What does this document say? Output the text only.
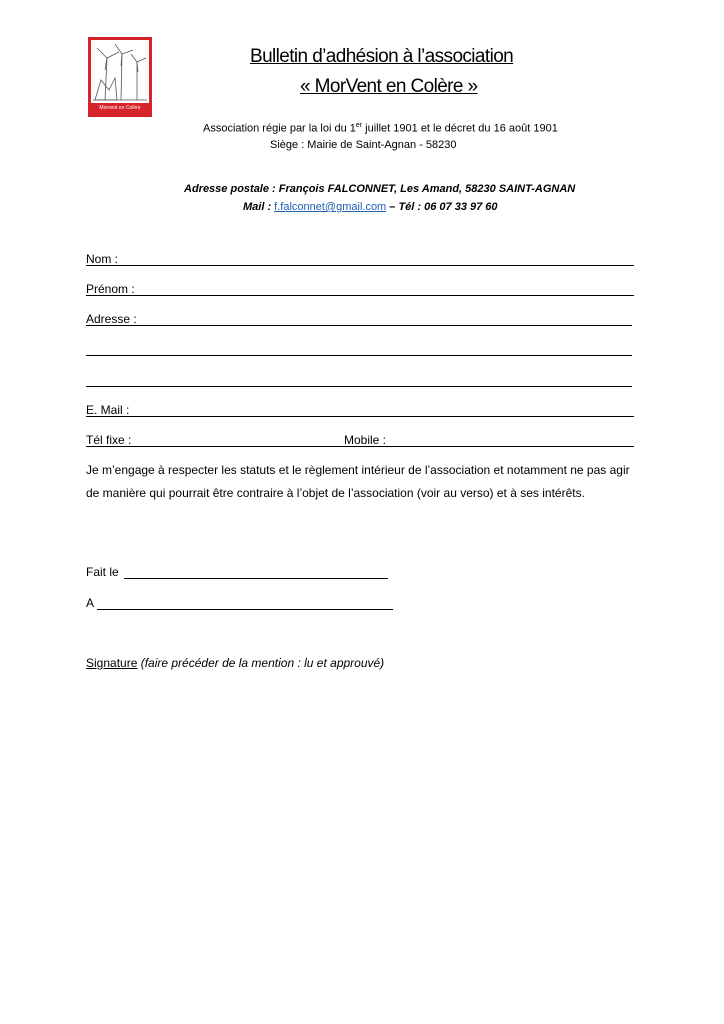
Morvent en Colère
Bulletin d’adhésion à l’association
« MorVent en Colère »
Association régie par la loi du 1er juillet 1901 et le décret du 16 août 1901
Siège : Mairie de Saint-Agnan - 58230
Adresse postale : François FALCONNET, Les Amand, 58230 SAINT-AGNAN
Mail : f.falconnet@gmail.com – Tél : 06 07 33 97 60
Nom :
Prénom :
Adresse :
E. Mail :
Tél fixe :	Mobile :
Je m’engage à respecter les statuts et le règlement intérieur de l’association et notamment ne pas agir de manière qui pourrait être contraire à l’objet de l’association (voir au verso) et à ses intérêts.
Fait le
A
Signature (faire précéder de la mention : lu et approuvé)
